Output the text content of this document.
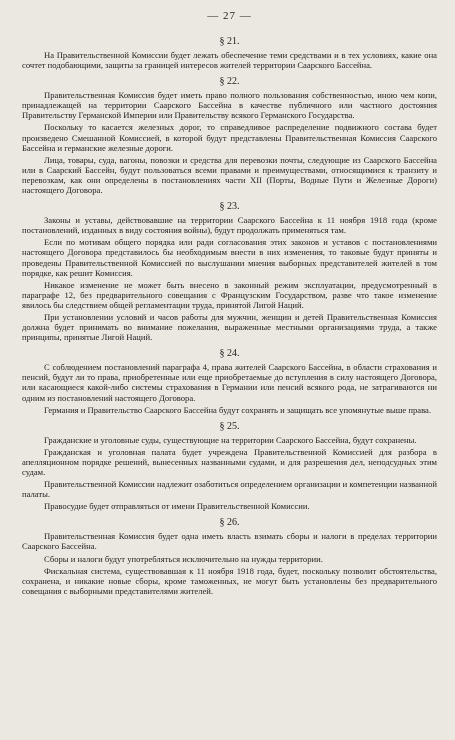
— 27 —
§ 21.

На Правительственной Комиссии будет лежать обеспечение теми средствами и в тех условиях, какие она сочтет подобающими, защиты за границей интересов жителей территории Саарского Бассейна.

§ 22.

Правительственная Комиссия будет иметь право полного пользования собственностью, иною чем копи, принадлежащей на территории Саарского Бассейна в качестве публичного или частного достояния Правительству Германской Империи или Правительству всякого Германского Государства.

Поскольку то касается железных дорог, то справедливое распределение подвижного состава будет произведено Смешанной Комиссией, в которой будут представлены Правительственная Комиссия Саарского Бассейна и германские железные дороги.

Лица, товары, суда, вагоны, повозки и средства для перевозки почты, следующие из Саарского Бассейна или в Саарский Бассейн, будут пользоваться всеми правами и преимуществами, относящимися к транзиту и перевозкам, как они определены в постановлениях части XII (Порты, Водные Пути и Железные Дороги) настоящего Договора.

§ 23.

Законы и уставы, действовавшие на территории Саарского Бассейна к 11 ноября 1918 года (кроме постановлений, изданных в виду состояния войны), будут продолжать применяться там.

Если по мотивам общего порядка или ради согласования этих законов и уставов с постановлениями настоящего Договора представилось бы необходимым внести в них изменения, то таковые будут приняты и проведены Правительственной Комиссией по выслушании мнения выборных представителей жителей в том порядке, как решит Комиссия.

Никакое изменение не может быть внесено в законный режим эксплуатации, предусмотренный в параграфе 12, без предварительного совещания с Французским Государством, разве что такое изменение явилось бы следствием общей регламентации труда, принятой Лигой Наций.

При установлении условий и часов работы для мужчин, женщин и детей Правительственная Комиссия должна будет принимать во внимание пожелания, выраженные местными организациями труда, а также принципы, принятые Лигой Наций.

§ 24.

С соблюдением постановлений параграфа 4, права жителей Саарского Бассейна, в области страхования и пенсий, будут ли то права, приобретенные или еще приобретаемые до вступления в силу настоящего Договора, или касающиеся какой-либо системы страхования в Германии или пенсий всякого рода, не затрагиваются ни одним из постановлений настоящего Договора.

Германия и Правительство Саарского Бассейна будут сохранять и защищать все упомянутые выше права.

§ 25.

Гражданские и уголовные суды, существующие на территории Саарского Бассейна, будут сохранены.

Гражданская и уголовная палата будет учреждена Правительственной Комиссией для разбора в апелляционном порядке решений, вынесенных названными судами, и для разрешения дел, неподсудных этим судам.

Правительственной Комиссии надлежит озаботиться определением организации и компетенции названной палаты.

Правосудие будет отправляться от имени Правительственной Комиссии.

§ 26.

Правительственная Комиссия будет одна иметь власть взимать сборы и налоги в пределах территории Саарского Бассейна.

Сборы и налоги будут употребляться исключительно на нужды территории.

Фискальная система, существовавшая к 11 ноября 1918 года, будет, поскольку позволит обстоятельства, сохранена, и никакие новые сборы, кроме таможенных, не могут быть установлены без предварительного совещания с выборными представителями жителей.
